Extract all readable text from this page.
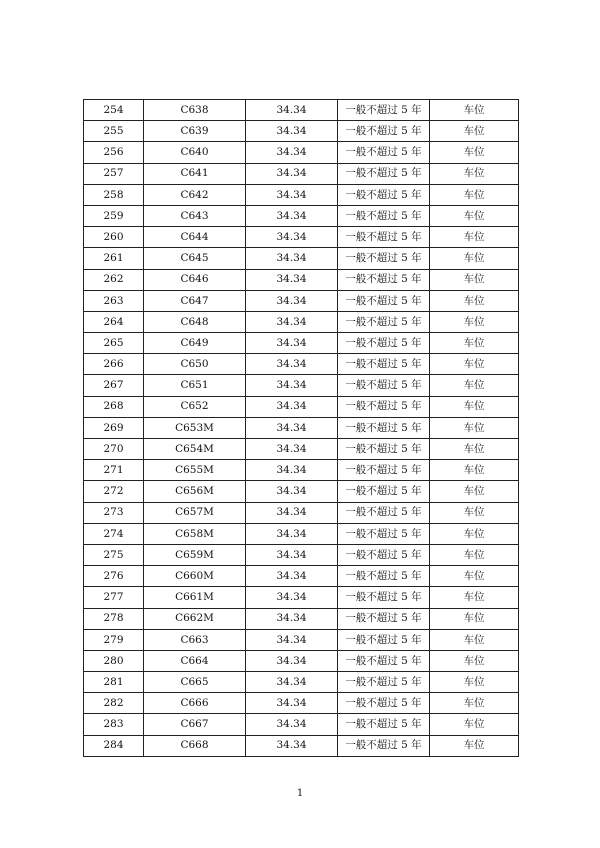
254	C638	34.34	一般不超过 5 年	车位
255	C639	34.34	一般不超过 5 年	车位
256	C640	34.34	一般不超过 5 年	车位
257	C641	34.34	一般不超过 5 年	车位
258	C642	34.34	一般不超过 5 年	车位
259	C643	34.34	一般不超过 5 年	车位
260	C644	34.34	一般不超过 5 年	车位
261	C645	34.34	一般不超过 5 年	车位
262	C646	34.34	一般不超过 5 年	车位
263	C647	34.34	一般不超过 5 年	车位
264	C648	34.34	一般不超过 5 年	车位
265	C649	34.34	一般不超过 5 年	车位
266	C650	34.34	一般不超过 5 年	车位
267	C651	34.34	一般不超过 5 年	车位
268	C652	34.34	一般不超过 5 年	车位
269	C653M	34.34	一般不超过 5 年	车位
270	C654M	34.34	一般不超过 5 年	车位
271	C655M	34.34	一般不超过 5 年	车位
272	C656M	34.34	一般不超过 5 年	车位
273	C657M	34.34	一般不超过 5 年	车位
274	C658M	34.34	一般不超过 5 年	车位
275	C659M	34.34	一般不超过 5 年	车位
276	C660M	34.34	一般不超过 5 年	车位
277	C661M	34.34	一般不超过 5 年	车位
278	C662M	34.34	一般不超过 5 年	车位
279	C663	34.34	一般不超过 5 年	车位
280	C664	34.34	一般不超过 5 年	车位
281	C665	34.34	一般不超过 5 年	车位
282	C666	34.34	一般不超过 5 年	车位
283	C667	34.34	一般不超过 5 年	车位
284	C668	34.34	一般不超过 5 年	车位
1
